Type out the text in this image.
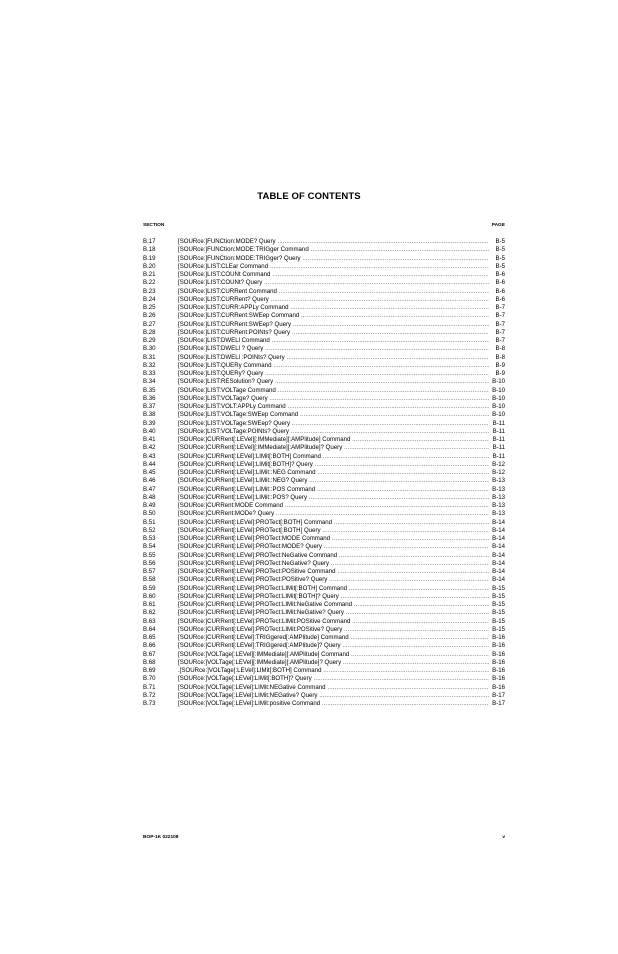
TABLE OF CONTENTS
SECTION	PAGE
B.17	[SOURce:]FUNCtion:MODE? Query .....	B-5
B.18	[SOURce:]FUNCtion:MODE:TRIGger Command .....	B-5
B.19	[SOURce:]FUNCtion:MODE:TRIGger? Query .....	B-5
B.20	[SOURce:]LIST:CLEar Command .....	B-5
B.21	[SOURce:]LIST:COUNt Command .....	B-6
B.22	[SOURce:]LIST:COUNt? Query .....	B-6
B.23	[SOURce:]LIST:CURRent Command .....	B-6
B.24	[SOURce:]LIST:CURRent? Query .....	B-6
B.25	[SOURce:]LIST:CURR:APPLy Command .....	B-7
B.26	[SOURce:]LIST:CURRent:SWEep Command .....	B-7
B.27	[SOURce:]LIST:CURRent:SWEep? Query .....	B-7
B.28	[SOURce:]LIST:CURRent:POINts? Query .....	B-7
B.29	[SOURce:]LIST:DWELl Command .....	B-7
B.30	[SOURce:]LIST:DWELl ? Query .....	B-8
B.31	[SOURce:]LIST:DWELl :POINts? Query .....	B-8
B.32	[SOURce:]LIST:QUERy Command .....	B-9
B.33	[SOURce:]LIST:QUERy? Query .....	B-9
B.34	[SOURce:]LIST:RESolution? Query .....	B-10
B.35	[SOURce:]LIST:VOLTage Command .....	B-10
B.36	[SOURce:]LIST:VOLTage? Query .....	B-10
B.37	[SOURce:]LIST:VOLT:APPLy Command .....	B-10
B.38	[SOURce:]LIST:VOLTage:SWEep Command .....	B-10
B.39	[SOURce:]LIST:VOLTage:SWEep? Query .....	B-11
B.40	[SOURce:]LIST:VOLTage:POINts? Query .....	B-11
B.41	[SOURce:]CURRent[:LEVel][:IMMediate][:AMPlitude] Command .....	B-11
B.42	[SOURce:]CURRent[:LEVel][:IMMediate][:AMPlitude]? Query .....	B-11
B.43	[SOURce:]CURRent[:LEVel]:LIMit[:BOTH] Command .....	B-11
B.44	[SOURce:]CURRent[:LEVel]:LIMit[:BOTH]? Query .....	B-12
B.45	[SOURce:]CURRent[:LEVel]:LIMit::NEG Command .....	B-12
B.46	[SOURce:]CURRent[:LEVel]:LIMit::NEG? Query .....	B-13
B.47	[SOURce:]CURRent[:LEVel]:LIMit::POS Command .....	B-13
B.48	[SOURce:]CURRent[:LEVel]:LIMit::POS? Query .....	B-13
B.49	[SOURce:]CURRent:MODE Command .....	B-13
B.50	[SOURce:]CURRent:MODe? Query .....	B-13
B.51	[SOURce:]CURRent[:LEVel]:PROTect[:BOTH] Command .....	B-14
B.52	[SOURce:]CURRent[:LEVel]:PROTect[:BOTH] Query .....	B-14
B.53	[SOURce:]CURRent[:LEVel]:PROTect:MODE Command .....	B-14
B.54	[SOURce:]CURRent[:LEVel]:PROTect:MODE? Query .....	B-14
B.55	[SOURce:]CURRent[:LEVel]:PROTect:NeGative Command .....	B-14
B.56	[SOURce:]CURRent[:LEVel]:PROTect:NeGative? Query .....	B-14
B.57	[SOURce:]CURRent[:LEVel]:PROTect:POSitive Command .....	B-14
B.58	[SOURce:]CURRent[:LEVel]:PROTect:POSitive? Query .....	B-14
B.59	[SOURce:]CURRent[:LEVel]:PROTect:LIMit[:BOTH] Command .....	B-15
B.60	[SOURce:]CURRent[:LEVel]:PROTect:LIMit[:BOTH]? Query .....	B-15
B.61	[SOURce:]CURRent[:LEVel]:PROTect:LIMit:NeGative Command .....	B-15
B.62	[SOURce:]CURRent[:LEVel]:PROTect:LIMit:NeGative? Query .....	B-15
B.63	[SOURce:]CURRent[:LEVel]:PROTect:LIMit:POSitive Command .....	B-15
B.64	[SOURce:]CURRent[:LEVel]:PROTect:LIMit:POSitive? Query .....	B-15
B.65	[SOURce:]CURRent[:LEVel]:TRIGgered[:AMPlitude] Command .....	B-16
B.66	[SOURce:]CURRent[:LEVel]:TRIGgered[:AMPlitude]? Query .....	B-16
B.67	[SOURce:]VOLTage[:LEVel][:IMMediate][:AMPlitude] Command .....	B-16
B.68	[SOURce:]VOLTage[:LEVel][:IMMediate][:AMPlitude]? Query .....	B-16
B.69	.[SOURce:]VOLTage[:LEVel]:LIMit[:BOTH] Command .....	B-16
B.70	[SOURce:]VOLTage[:LEVel]:LIMit[:BOTH]? Query .....	B-16
B.71	[SOURce:]VOLTage[:LEVel]:LIMit:NEGative Command .....	B-16
B.72	[SOURce:]VOLTage[:LEVel]:LIMit:NEGative? Query .....	B-17
B.73	[SOURce:]VOLTage[:LEVel]:LIMit:positive Command .....	B-17
BOP-1K 022108	v
